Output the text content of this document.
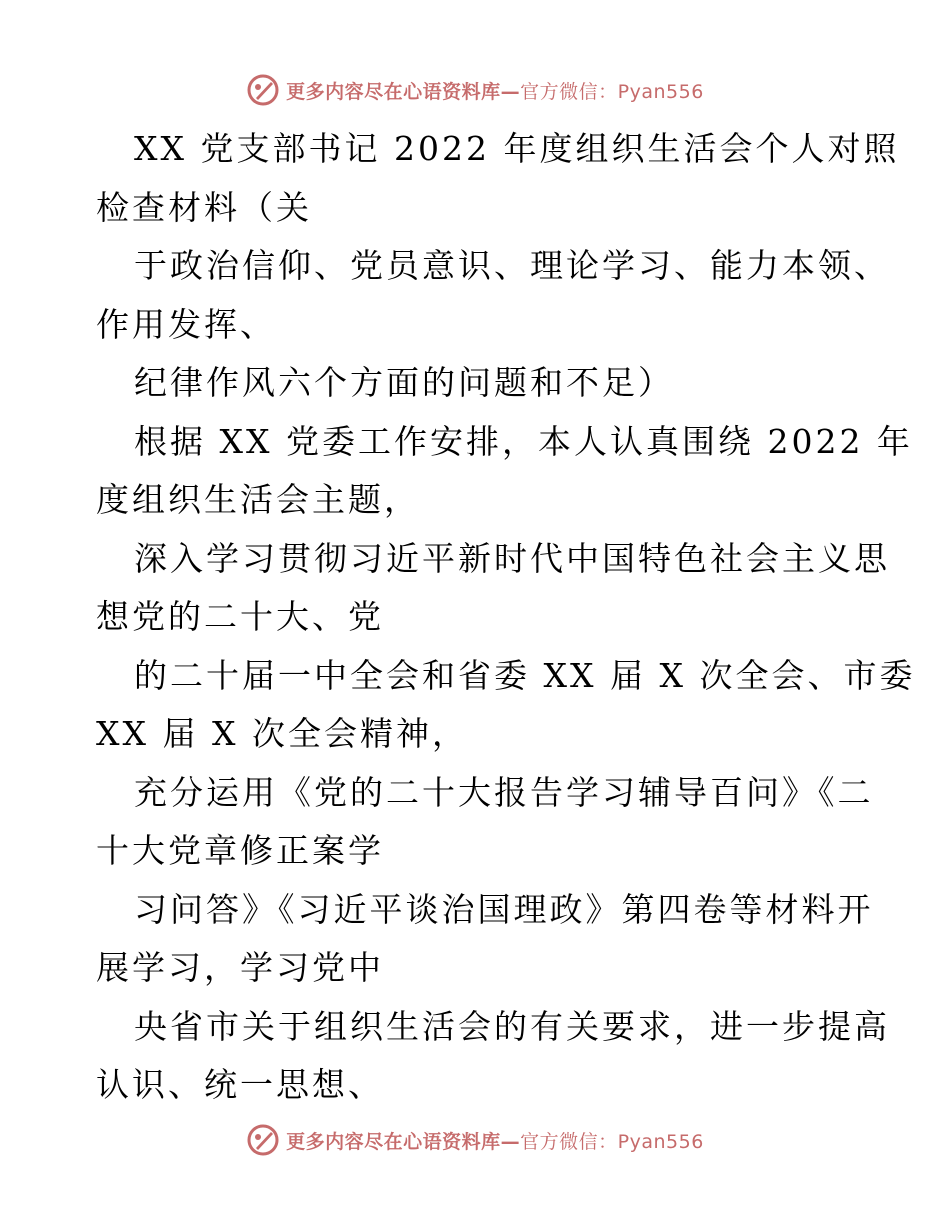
更多内容尽在心语资料库—官方微信：Pyan556
XX 党支部书记 2022 年度组织生活会个人对照
检查材料（关
于政治信仰、党员意识、理论学习、能力本领、
作用发挥、
纪律作风六个方面的问题和不足）
根据 XX 党委工作安排，本人认真围绕 2022 年
度组织生活会主题，
深入学习贯彻习近平新时代中国特色社会主义思
想党的二十大、党
的二十届一中全会和省委 XX 届 X 次全会、市委
XX 届 X 次全会精神，
充分运用《党的二十大报告学习辅导百问》《二
十大党章修正案学
习问答》《习近平谈治国理政》第四卷等材料开
展学习，学习党中
央省市关于组织生活会的有关要求，进一步提高
认识、统一思想、
更多内容尽在心语资料库—官方微信：Pyan556
